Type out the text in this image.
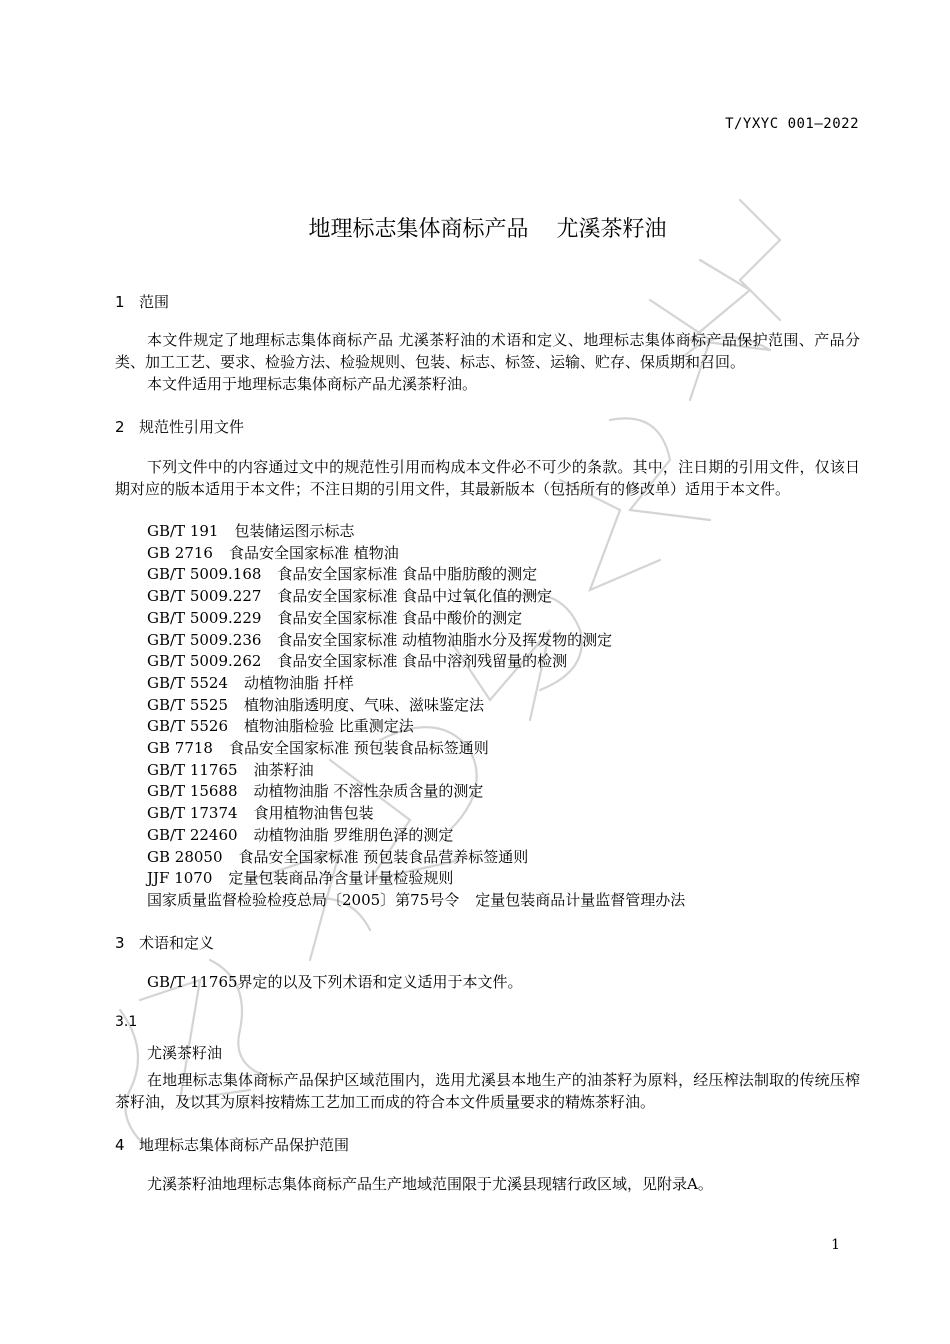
T/YXYC 001—2022
地理标志集体商标产品 尤溪茶籽油
1 范围
本文件规定了地理标志集体商标产品 尤溪茶籽油的术语和定义、地理标志集体商标产品保护范围、产品分类、加工工艺、要求、检验方法、检验规则、包装、标志、标签、运输、贮存、保质期和召回。
本文件适用于地理标志集体商标产品尤溪茶籽油。
2 规范性引用文件
下列文件中的内容通过文中的规范性引用而构成本文件必不可少的条款。其中，注日期的引用文件，仅该日期对应的版本适用于本文件；不注日期的引用文件，其最新版本（包括所有的修改单）适用于本文件。
GB/T 191 包装储运图示标志
GB 2716 食品安全国家标准 植物油
GB/T 5009.168 食品安全国家标准 食品中脂肪酸的测定
GB/T 5009.227 食品安全国家标准 食品中过氧化值的测定
GB/T 5009.229 食品安全国家标准 食品中酸价的测定
GB/T 5009.236 食品安全国家标准 动植物油脂水分及挥发物的测定
GB/T 5009.262 食品安全国家标准 食品中溶剂残留量的检测
GB/T 5524 动植物油脂 扦样
GB/T 5525 植物油脂透明度、气味、滋味鉴定法
GB/T 5526 植物油脂检验 比重测定法
GB 7718 食品安全国家标准 预包装食品标签通则
GB/T 11765 油茶籽油
GB/T 15688 动植物油脂 不溶性杂质含量的测定
GB/T 17374 食用植物油售包装
GB/T 22460 动植物油脂 罗维朋色泽的测定
GB 28050 食品安全国家标准 预包装食品营养标签通则
JJF 1070 定量包装商品净含量计量检验规则
国家质量监督检验检疫总局〔2005〕第75号令 定量包装商品计量监督管理办法
3 术语和定义
GB/T 11765界定的以及下列术语和定义适用于本文件。
3.1
尤溪茶籽油
在地理标志集体商标产品保护区域范围内，选用尤溪县本地生产的油茶籽为原料，经压榨法制取的传统压榨茶籽油，及以其为原料按精炼工艺加工而成的符合本文件质量要求的精炼茶籽油。
4 地理标志集体商标产品保护范围
尤溪茶籽油地理标志集体商标产品生产地域范围限于尤溪县现辖行政区域，见附录A。
1
